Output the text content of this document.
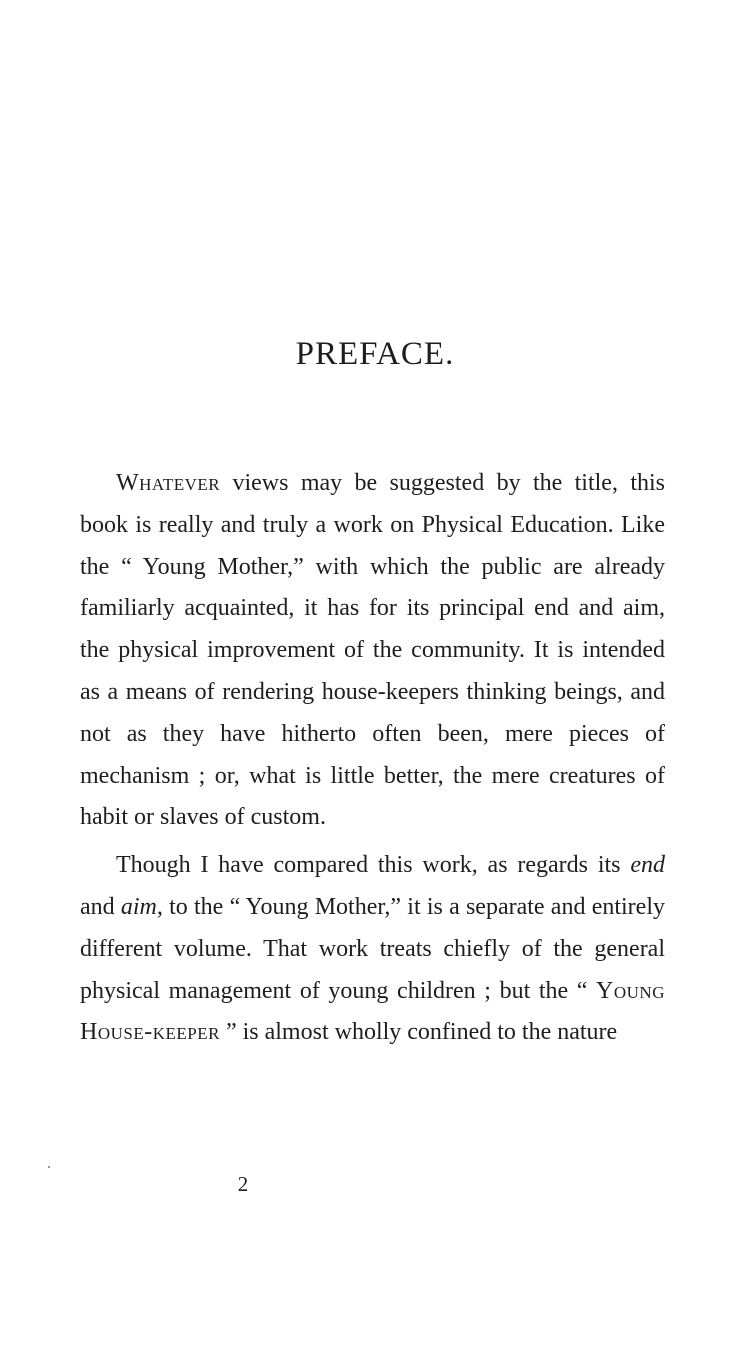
PREFACE.

Whatever views may be suggested by the title, this book is really and truly a work on Physical Education. Like the “ Young Mother,” with which the public are already familiarly acquainted, it has for its principal end and aim, the physical improvement of the community. It is intended as a means of rendering house-keepers thinking beings, and not as they have hitherto often been, mere pieces of mechanism ; or, what is little better, the mere creatures of habit or slaves of custom.

Though I have compared this work, as regards its end and aim, to the “ Young Mother,” it is a separate and entirely different volume. That work treats chiefly of the general physical management of young children ; but the “ Young House-keeper ” is almost wholly confined to the nature

2
